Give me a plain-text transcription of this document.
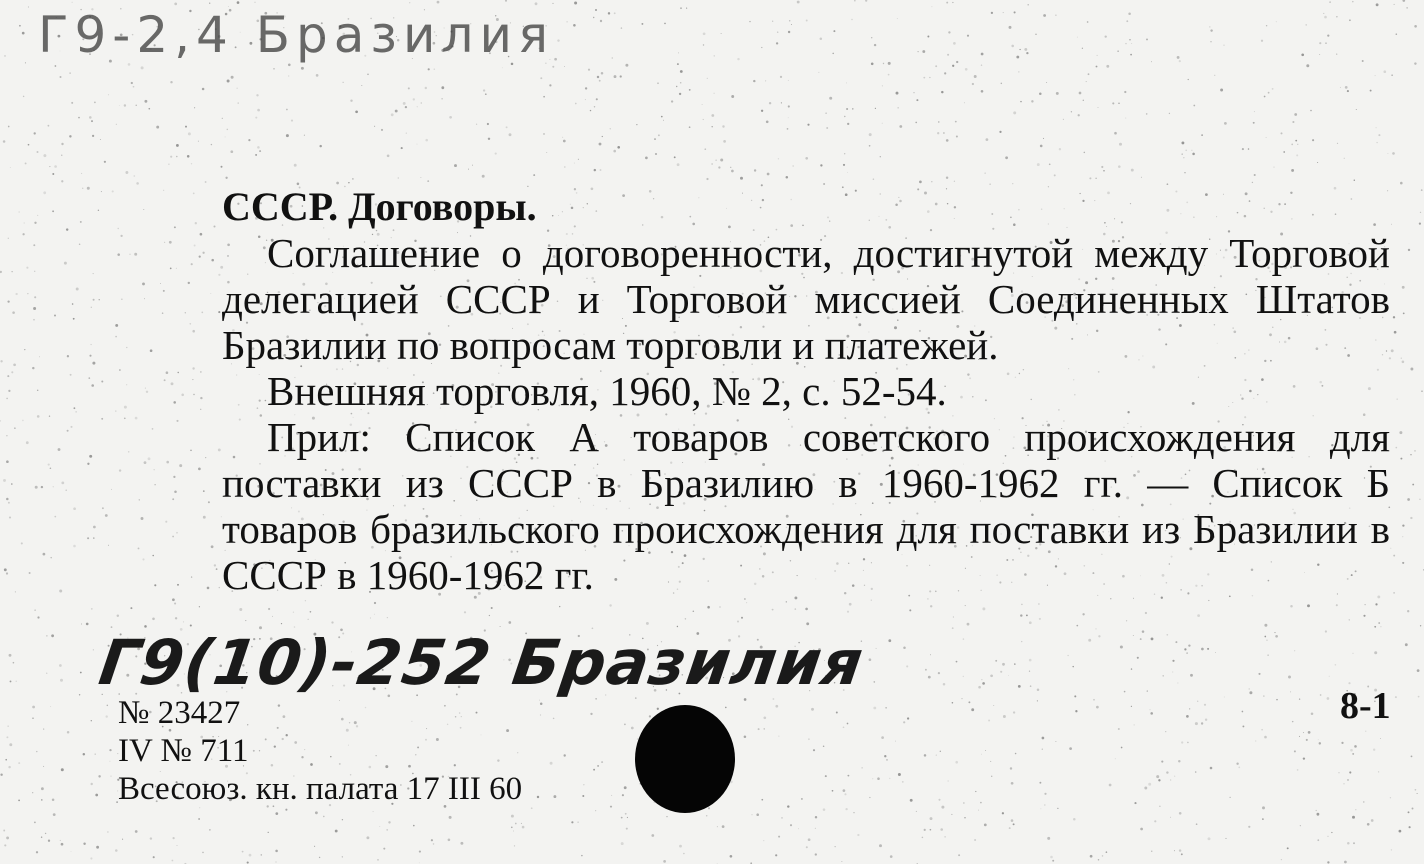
Г9-2,4 Бразилия

СССР. Договоры.

Соглашение о договоренности, достигнутой между Торговой делегацией СССР и Торговой миссией Соединенных Штатов Бразилии по вопросам торговли и платежей.

Внешняя торговля, 1960, № 2, с. 52-54.

Прил: Список А товаров советского происхождения для поставки из СССР в Бразилию в 1960-1962 гг. — Список Б товаров бразильского происхождения для поставки из Бразилии в СССР в 1960-1962 гг.

Г9(10)-252 Бразилия
№ 23427
IV № 711
Всесоюз. кн. палата 17 III 60
8-1
